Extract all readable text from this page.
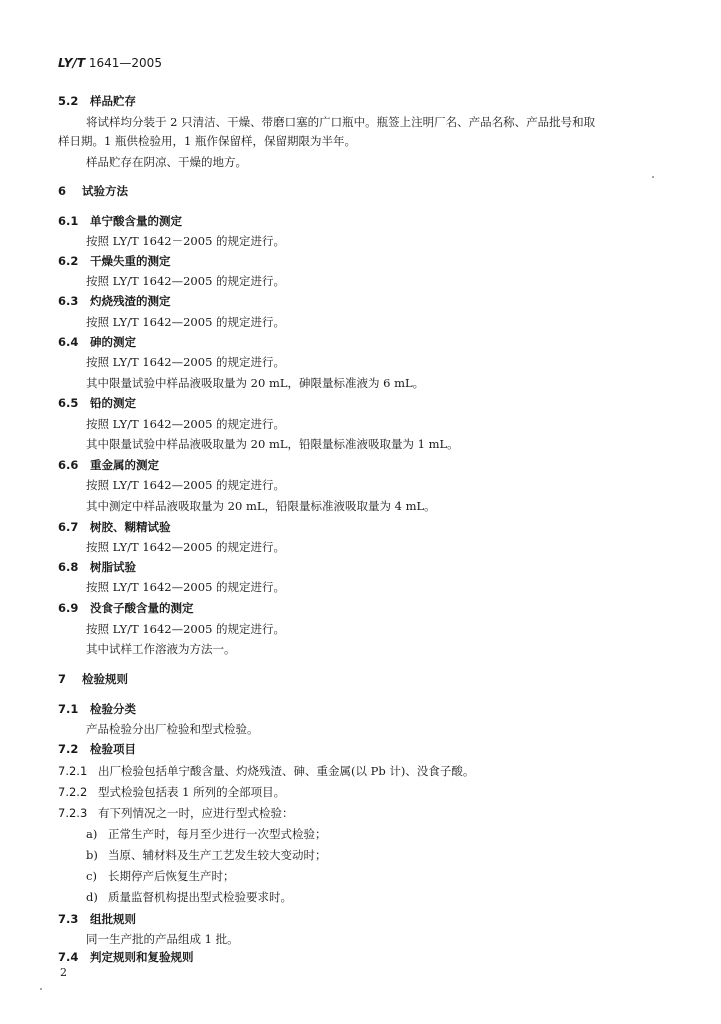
LY/T 1641—2005
5.2 样品贮存
将试样均分装于 2 只清洁、干燥、带磨口塞的广口瓶中。瓶签上注明厂名、产品名称、产品批号和取
样日期。1 瓶供检验用，1 瓶作保留样，保留期限为半年。
样品贮存在阴凉、干燥的地方。
6 试验方法
6.1 单宁酸含量的测定
按照 LY/T 1642－2005 的规定进行。
6.2 干燥失重的测定
按照 LY/T 1642—2005 的规定进行。
6.3 灼烧残渣的测定
按照 LY/T 1642—2005 的规定进行。
6.4 砷的测定
按照 LY/T 1642—2005 的规定进行。
其中限量试验中样品液吸取量为 20 mL，砷限量标准液为 6 mL。
6.5 铅的测定
按照 LY/T 1642—2005 的规定进行。
其中限量试验中样品液吸取量为 20 mL，铅限量标准液吸取量为 1 mL。
6.6 重金属的测定
按照 LY/T 1642—2005 的规定进行。
其中测定中样品液吸取量为 20 mL，铅限量标准液吸取量为 4 mL。
6.7 树胶、糊精试验
按照 LY/T 1642—2005 的规定进行。
6.8 树脂试验
按照 LY/T 1642—2005 的规定进行。
6.9 没食子酸含量的测定
按照 LY/T 1642—2005 的规定进行。
其中试样工作溶液为方法一。
7 检验规则
7.1 检验分类
产品检验分出厂检验和型式检验。
7.2 检验项目
7.2.1 出厂检验包括单宁酸含量、灼烧残渣、砷、重金属(以 Pb 计)、没食子酸。
7.2.2 型式检验包括表 1 所列的全部项目。
7.2.3 有下列情况之一时，应进行型式检验：
a) 正常生产时，每月至少进行一次型式检验；
b) 当原、辅材料及生产工艺发生较大变动时；
c) 长期停产后恢复生产时；
d) 质量监督机构提出型式检验要求时。
7.3 组批规则
同一生产批的产品组成 1 批。
7.4 判定规则和复验规则
2
